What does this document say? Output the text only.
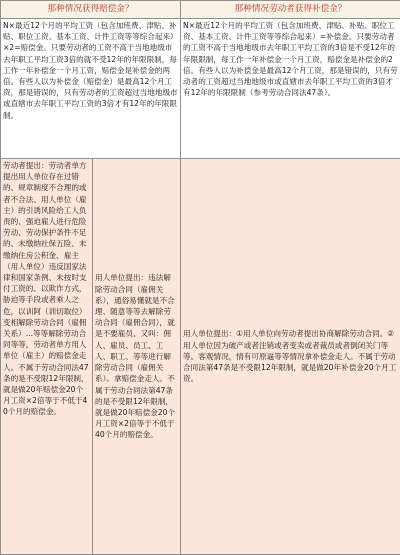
那种情况获得赔偿金？		那种情况劳动者获得补偿金？

N×最近12个月的平均工资（包含加班费、津贴、补贴、职位工资、基本工资、计件工资等等综合起来）×2=赔偿金。只要劳动者的工资不高于当地地级市去年职工平均工资3倍的就不受12年的年限限制，每工作一年补偿金一个月工资，赔偿金是补偿金的两倍。有些人以为补偿金（赔偿金）是最高12个月工资，那是错误的，只有劳动者的工资超过当地地级市或直辖市去年职工平均工资的3倍才有12年的年限限制。		N×最近12个月的平均工资（包含加班费、津贴、补贴、职位工资、基本工资、计件工资等等综合起来）=补偿金。只要劳动者的工资不高于当地地级市去年职工平均工资的3倍是不受12年的年限限制，每工作一年补偿金一个月工资，赔偿金是补偿金的2倍。有些人以为补偿金是最高12个月工资，那是错误的，只有劳动者的工资超过当地地级市或直辖市去年职工平均工资的3倍才有12年的年限限制（参考劳动合同法47条）。

劳动者提出：劳动者单方提出用人单位存在过错的、规章制度不合理的或者不合法、用人单位（雇主）的引诱风险给工人负责的、强迫雇人进行危险劳动、劳动保护条件不足的、未缴纳社保五险、未缴纳住房公积金、雇主（用人单位）违反国家法律和国家条例、未按时支付工资的、以欺诈方式，胁迫等手段或者乘人之危，以训阿（训切取位）变相解除劳动合同（雇佣关系）...等等解除劳动合同等等，劳动者单方用人单位（雇主）的赔偿金走人。不属于劳动合同法47条的是不受限12年限制，就是做20年赔偿金20个月工资×2倍等于不低于40个月的赔偿金。	用人单位提出：违法解除劳动合同（雇佣关系），通俗易懂就是不合理、随意等等去解除劳动合同（雇佣合同），就是不要雇员、又叫：佣人、雇员、员工、工人、职工、等等进行解除劳动合同（雇佣关系）。拿赔偿金走人。不属于劳动合同法第47条的是不受限12年限制，就是做20年赔偿金20个月工资×2倍等于不低于40个月的赔偿金。	用人单位提出：①用人单位向劳动者提出协商解除劳动合同。②用人单位因为破产或者注销或者变卖或者裁员或者倒闭关门等等。客观情况，情有可原逼等等情况拿补偿金走人。不属于劳动合同法第47条是不受限12年限制，就是做20年补偿金20个月工资。
